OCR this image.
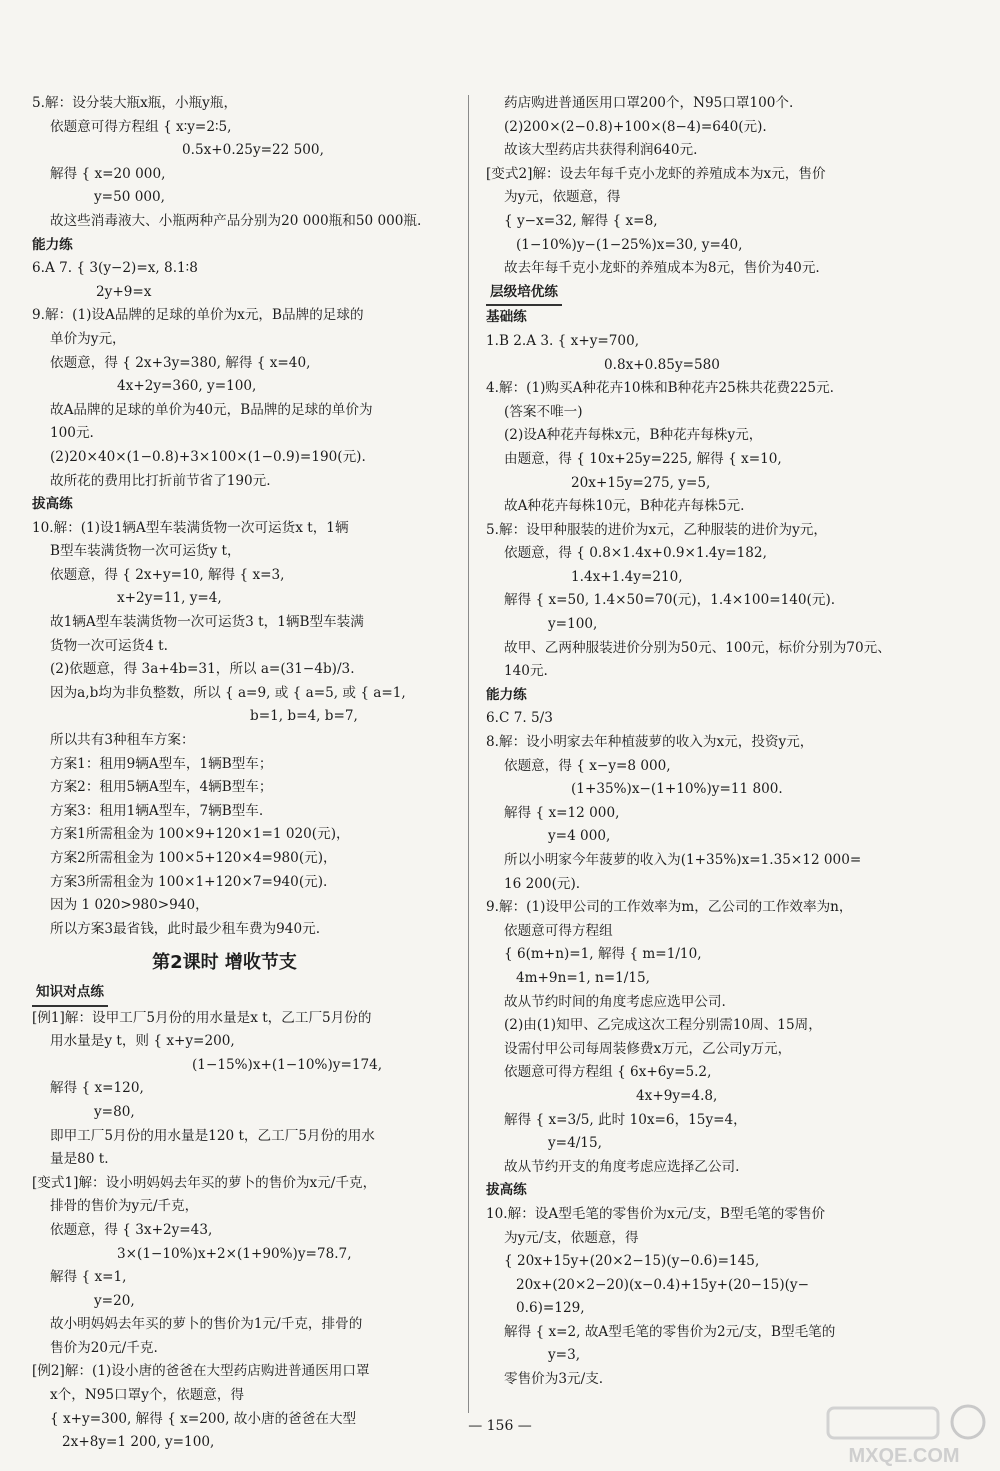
5.解：设分装大瓶x瓶，小瓶y瓶，
依题意可得方程组 { x∶y=2∶5,
0.5x+0.25y=22 500,
解得 { x=20 000,
y=50 000,
故这些消毒液大、小瓶两种产品分别为20 000瓶和50 000瓶.
能力练
6.A 7. { 3(y−2)=x, 8.1∶8
2y+9=x
9.解：(1)设A品牌的足球的单价为x元，B品牌的足球的
单价为y元，
依题意，得 { 2x+3y=380, 解得 { x=40,
4x+2y=360, y=100,
故A品牌的足球的单价为40元，B品牌的足球的单价为
100元.
(2)20×40×(1−0.8)+3×100×(1−0.9)=190(元).
故所花的费用比打折前节省了190元.
拔高练
10.解：(1)设1辆A型车装满货物一次可运货x t，1辆
B型车装满货物一次可运货y t，
依题意，得 { 2x+y=10, 解得 { x=3,
x+2y=11, y=4,
故1辆A型车装满货物一次可运货3 t，1辆B型车装满
货物一次可运货4 t.
(2)依题意，得 3a+4b=31，所以 a=(31−4b)/3.
因为a,b均为非负整数，所以 { a=9, 或 { a=5, 或 { a=1,
b=1, b=4, b=7,
所以共有3种租车方案：
方案1：租用9辆A型车，1辆B型车；
方案2：租用5辆A型车，4辆B型车；
方案3：租用1辆A型车，7辆B型车.
方案1所需租金为 100×9+120×1=1 020(元)，
方案2所需租金为 100×5+120×4=980(元)，
方案3所需租金为 100×1+120×7=940(元).
因为 1 020>980>940，
所以方案3最省钱，此时最少租车费为940元.
第2课时 增收节支
知识对点练
[例1]解：设甲工厂5月份的用水量是x t，乙工厂5月份的
用水量是y t，则 { x+y=200,
(1−15%)x+(1−10%)y=174,
解得 { x=120,
y=80,
即甲工厂5月份的用水量是120 t，乙工厂5月份的用水
量是80 t.
[变式1]解：设小明妈妈去年买的萝卜的售价为x元/千克，
排骨的售价为y元/千克，
依题意，得 { 3x+2y=43,
3×(1−10%)x+2×(1+90%)y=78.7,
解得 { x=1,
y=20,
故小明妈妈去年买的萝卜的售价为1元/千克，排骨的
售价为20元/千克.
[例2]解：(1)设小唐的爸爸在大型药店购进普通医用口罩
x个，N95口罩y个，依题意，得
{ x+y=300, 解得 { x=200, 故小唐的爸爸在大型
2x+8y=1 200, y=100,
药店购进普通医用口罩200个，N95口罩100个.
(2)200×(2−0.8)+100×(8−4)=640(元).
故该大型药店共获得利润640元.
[变式2]解：设去年每千克小龙虾的养殖成本为x元，售价
为y元，依题意，得
{ y−x=32, 解得 { x=8,
(1−10%)y−(1−25%)x=30, y=40,
故去年每千克小龙虾的养殖成本为8元，售价为40元.
层级培优练
基础练
1.B 2.A 3. { x+y=700,
0.8x+0.85y=580
4.解：(1)购买A种花卉10株和B种花卉25株共花费225元.
(答案不唯一)
(2)设A种花卉每株x元，B种花卉每株y元，
由题意，得 { 10x+25y=225, 解得 { x=10,
20x+15y=275, y=5,
故A种花卉每株10元，B种花卉每株5元.
5.解：设甲种服装的进价为x元，乙种服装的进价为y元，
依题意，得 { 0.8×1.4x+0.9×1.4y=182,
1.4x+1.4y=210,
解得 { x=50, 1.4×50=70(元)，1.4×100=140(元).
y=100,
故甲、乙两种服装进价分别为50元、100元，标价分别为70元、
140元.
能力练
6.C 7. 5/3
8.解：设小明家去年种植菠萝的收入为x元，投资y元，
依题意，得 { x−y=8 000,
(1+35%)x−(1+10%)y=11 800.
解得 { x=12 000,
y=4 000,
所以小明家今年菠萝的收入为(1+35%)x=1.35×12 000=
16 200(元).
9.解：(1)设甲公司的工作效率为m，乙公司的工作效率为n，
依题意可得方程组
{ 6(m+n)=1, 解得 { m=1/10,
4m+9n=1, n=1/15,
故从节约时间的角度考虑应选甲公司.
(2)由(1)知甲、乙完成这次工程分别需10周、15周，
设需付甲公司每周装修费x万元，乙公司y万元，
依题意可得方程组 { 6x+6y=5.2,
4x+9y=4.8,
解得 { x=3/5, 此时 10x=6，15y=4，
y=4/15,
故从节约开支的角度考虑应选择乙公司.
拔高练
10.解：设A型毛笔的零售价为x元/支，B型毛笔的零售价
为y元/支，依题意，得
{ 20x+15y+(20×2−15)(y−0.6)=145,
20x+(20×2−20)(x−0.4)+15y+(20−15)(y−
0.6)=129,
解得 { x=2, 故A型毛笔的零售价为2元/支，B型毛笔的
y=3,
零售价为3元/支.
— 156 —
MXQE.COM
